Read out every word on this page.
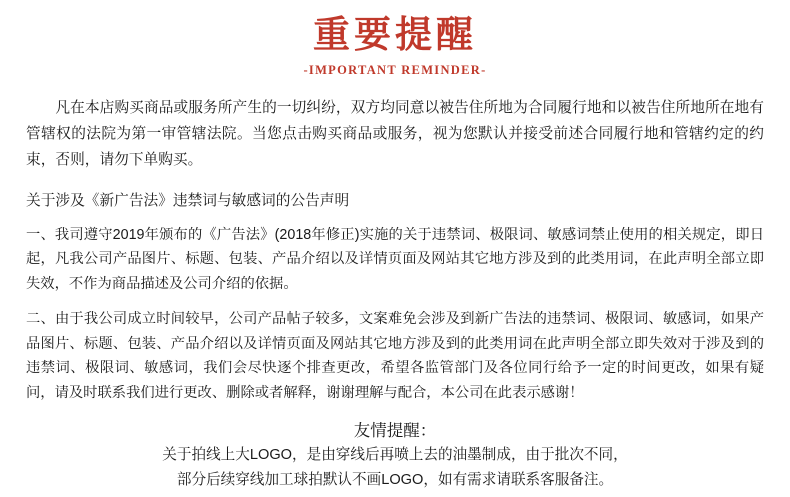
重要提醒
-IMPORTANT REMINDER-
凡在本店购买商品或服务所产生的一切纠纷，双方均同意以被告住所地为合同履行地和以被告住所地所在地有管辖权的法院为第一审管辖法院。当您点击购买商品或服务，视为您默认并接受前述合同履行地和管辖约定的约束，否则，请勿下单购买。
关于涉及《新广告法》违禁词与敏感词的公告声明
一、我司遵守2019年颁布的《广告法》(2018年修正)实施的关于违禁词、极限词、敏感词禁止使用的相关规定，即日起，凡我公司产品图片、标题、包装、产品介绍以及详情页面及网站其它地方涉及到的此类用词，在此声明全部立即失效，不作为商品描述及公司介绍的依据。
二、由于我公司成立时间较早，公司产品帖子较多，文案难免会涉及到新广告法的违禁词、极限词、敏感词，如果产品图片、标题、包装、产品介绍以及详情页面及网站其它地方涉及到的此类用词在此声明全部立即失效对于涉及到的违禁词、极限词、敏感词，我们会尽快逐个排查更改，希望各监管部门及各位同行给予一定的时间更改，如果有疑问，请及时联系我们进行更改、删除或者解释，谢谢理解与配合，本公司在此表示感谢！
友情提醒：
关于拍线上大LOGO，是由穿线后再喷上去的油墨制成，由于批次不同，
部分后续穿线加工球拍默认不画LOGO，如有需求请联系客服备注。
